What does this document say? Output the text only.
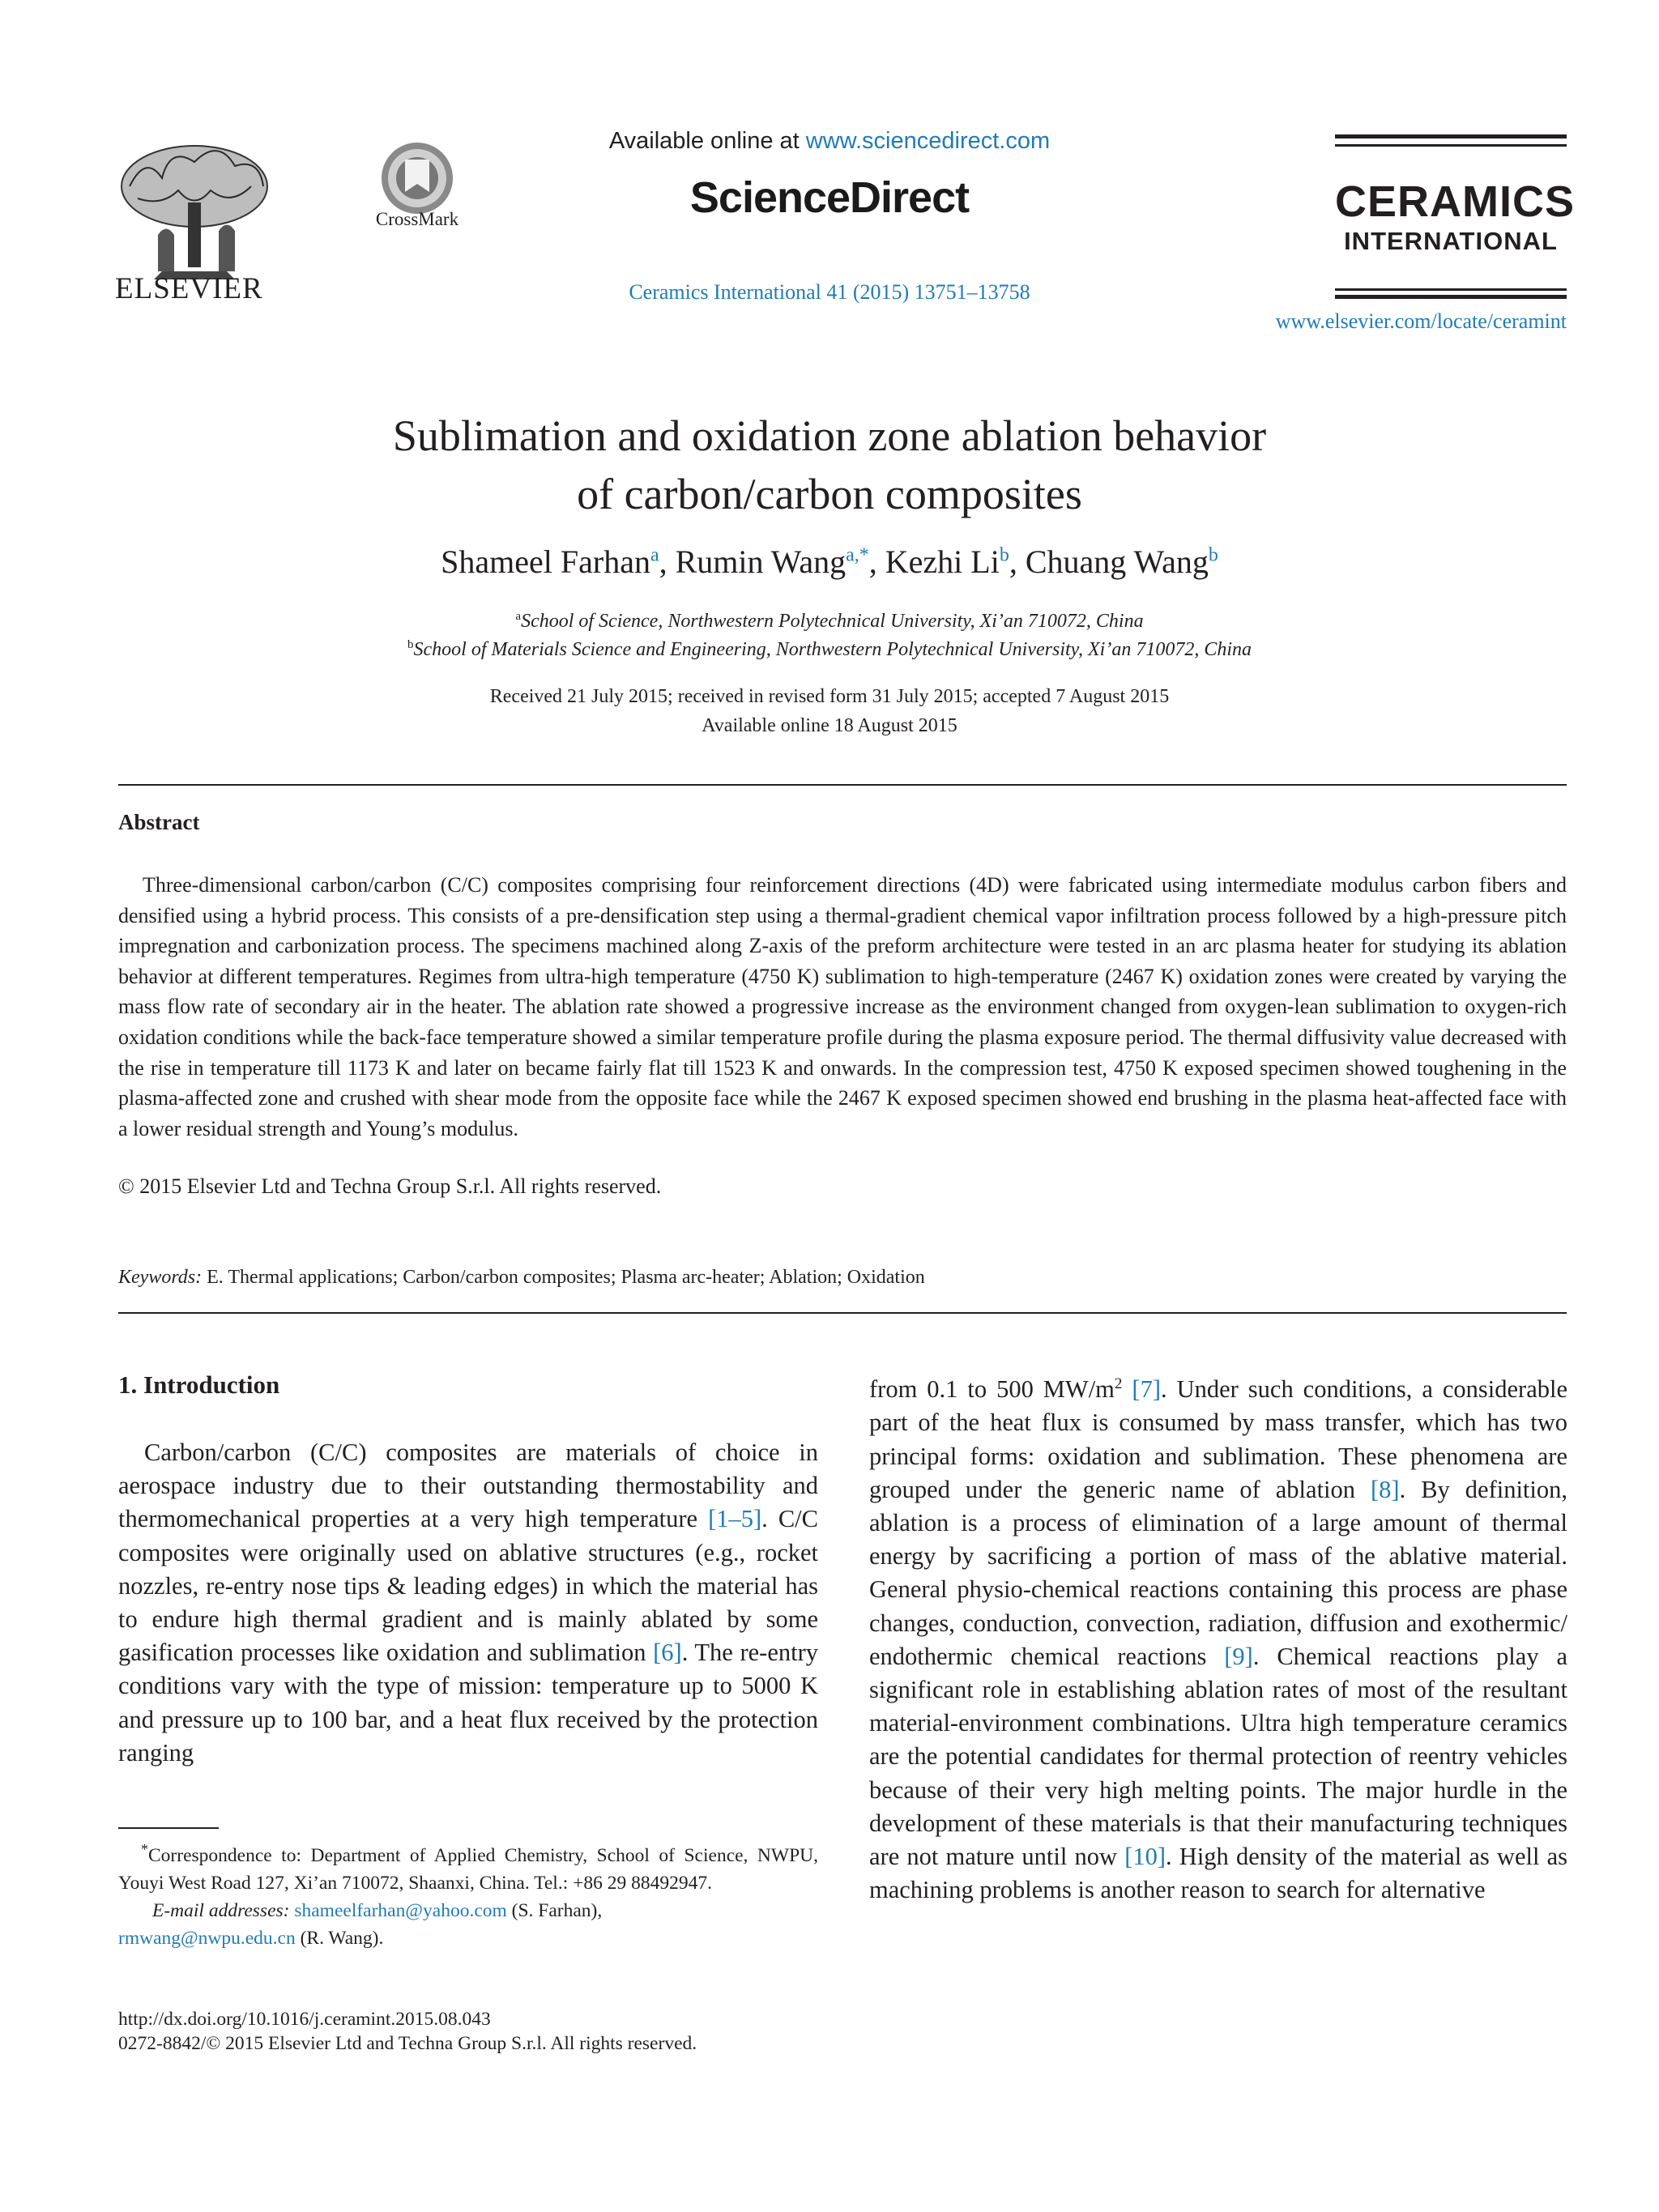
ELSEVIER
CrossMark
Available online at www.sciencedirect.com
ScienceDirect
Ceramics International 41 (2015) 13751–13758
CERAMICS
INTERNATIONAL
www.elsevier.com/locate/ceramint
Sublimation and oxidation zone ablation behavior
of carbon/carbon composites
Shameel Farhan$^a$, Rumin Wang$^{a,*}$, Kezhi Li$^b$, Chuang Wang$^b$
$^a$School of Science, Northwestern Polytechnical University, Xi’an 710072, China
$^b$School of Materials Science and Engineering, Northwestern Polytechnical University, Xi’an 710072, China
Received 21 July 2015; received in revised form 31 July 2015; accepted 7 August 2015
Available online 18 August 2015
Abstract
Three-dimensional carbon/carbon (C/C) composites comprising four reinforcement directions (4D) were fabricated using intermediate modulus carbon fibers and densified using a hybrid process. This consists of a pre-densification step using a thermal-gradient chemical vapor infiltration process followed by a high-pressure pitch impregnation and carbonization process. The specimens machined along Z-axis of the preform architecture were tested in an arc plasma heater for studying its ablation behavior at different temperatures. Regimes from ultra-high temperature (4750 K) sublimation to high-temperature (2467 K) oxidation zones were created by varying the mass flow rate of secondary air in the heater. The ablation rate showed a progressive increase as the environment changed from oxygen-lean sublimation to oxygen-rich oxidation conditions while the back-face temperature showed a similar temperature profile during the plasma exposure period. The thermal diffusivity value decreased with the rise in temperature till 1173 K and later on became fairly flat till 1523 K and onwards. In the compression test, 4750 K exposed specimen showed toughening in the plasma-affected zone and crushed with shear mode from the opposite face while the 2467 K exposed specimen showed end brushing in the plasma heat-affected face with a lower residual strength and Young’s modulus.
© 2015 Elsevier Ltd and Techna Group S.r.l. All rights reserved.
Keywords: E. Thermal applications; Carbon/carbon composites; Plasma arc-heater; Ablation; Oxidation
1. Introduction
Carbon/carbon (C/C) composites are materials of choice in aerospace industry due to their outstanding thermostability and thermomechanical properties at a very high temperature [1–5]. C/C composites were originally used on ablative structures (e.g., rocket nozzles, re-entry nose tips & leading edges) in which the material has to endure high thermal gradient and is mainly ablated by some gasification processes like oxidation and sublimation [6]. The re-entry conditions vary with the type of mission: temperature up to 5000 K and pressure up to 100 bar, and a heat flux received by the protection ranging
from 0.1 to 500 $MW/m^2$ [7]. Under such conditions, a considerable part of the heat flux is consumed by mass transfer, which has two principal forms: oxidation and sublimation. These phenomena are grouped under the generic name of ablation [8]. By definition, ablation is a process of elimination of a large amount of thermal energy by sacrificing a portion of mass of the ablative material. General physio-chemical reactions containing this process are phase changes, conduction, convection, radiation, diffusion and exothermic/ endothermic chemical reactions [9]. Chemical reactions play a significant role in establishing ablation rates of most of the resultant material-environment combinations. Ultra high temperature ceramics are the potential candidates for thermal protection of reentry vehicles because of their very high melting points. The major hurdle in the development of these materials is that their manufacturing techniques are not mature until now [10]. High density of the material as well as machining problems is another reason to search for alternative
*Correspondence to: Department of Applied Chemistry, School of Science, NWPU, Youyi West Road 127, Xi’an 710072, Shaanxi, China. Tel.: +86 29 88492947.
E-mail addresses: shameelfarhan@yahoo.com (S. Farhan),
rmwang@nwpu.edu.cn (R. Wang).
http://dx.doi.org/10.1016/j.ceramint.2015.08.043
0272-8842/© 2015 Elsevier Ltd and Techna Group S.r.l. All rights reserved.
